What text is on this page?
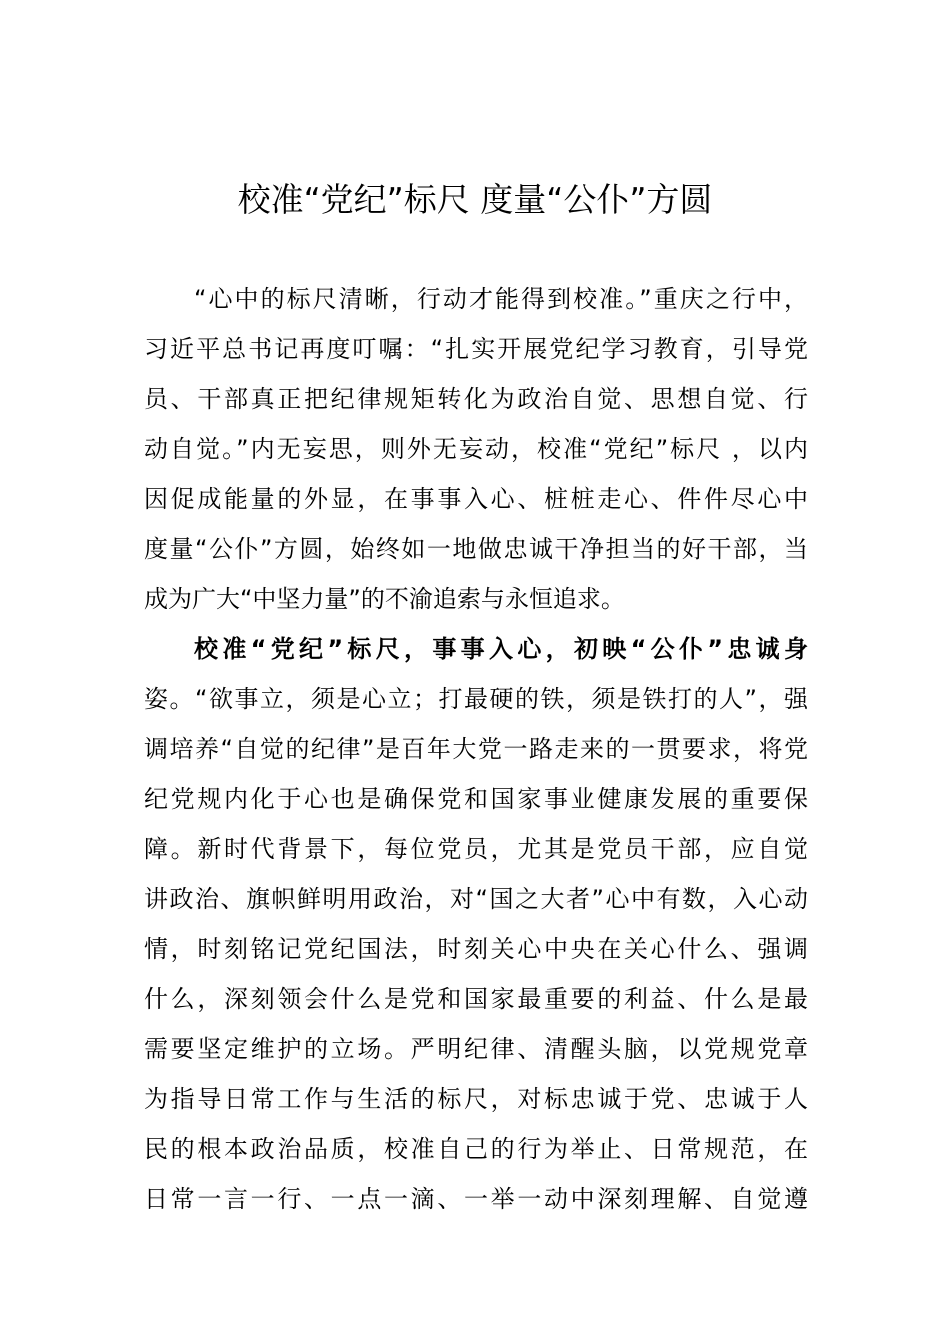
校准“党纪”标尺 度量“公仆”方圆
“心中的标尺清晰，行动才能得到校准。”重庆之行中，
习近平总书记再度叮嘱：“扎实开展党纪学习教育，引导党
员、干部真正把纪律规矩转化为政治自觉、思想自觉、行
动自觉。”内无妄思，则外无妄动，校准“党纪”标尺 ，以内
因促成能量的外显，在事事入心、桩桩走心、件件尽心中
度量“公仆”方圆，始终如一地做忠诚干净担当的好干部，当
成为广大“中坚力量”的不渝追索与永恒追求。
校准“党纪”标尺，事事入心，初映“公仆”忠诚身
姿。“欲事立，须是心立；打最硬的铁，须是铁打的人”，强
调培养“自觉的纪律”是百年大党一路走来的一贯要求，将党
纪党规内化于心也是确保党和国家事业健康发展的重要保
障。新时代背景下，每位党员，尤其是党员干部，应自觉
讲政治、旗帜鲜明用政治，对“国之大者”心中有数，入心动
情，时刻铭记党纪国法，时刻关心中央在关心什么、强调
什么，深刻领会什么是党和国家最重要的利益、什么是最
需要坚定维护的立场。严明纪律、清醒头脑，以党规党章
为指导日常工作与生活的标尺，对标忠诚于党、忠诚于人
民的根本政治品质，校准自己的行为举止、日常规范，在
日常一言一行、一点一滴、一举一动中深刻理解、自觉遵
